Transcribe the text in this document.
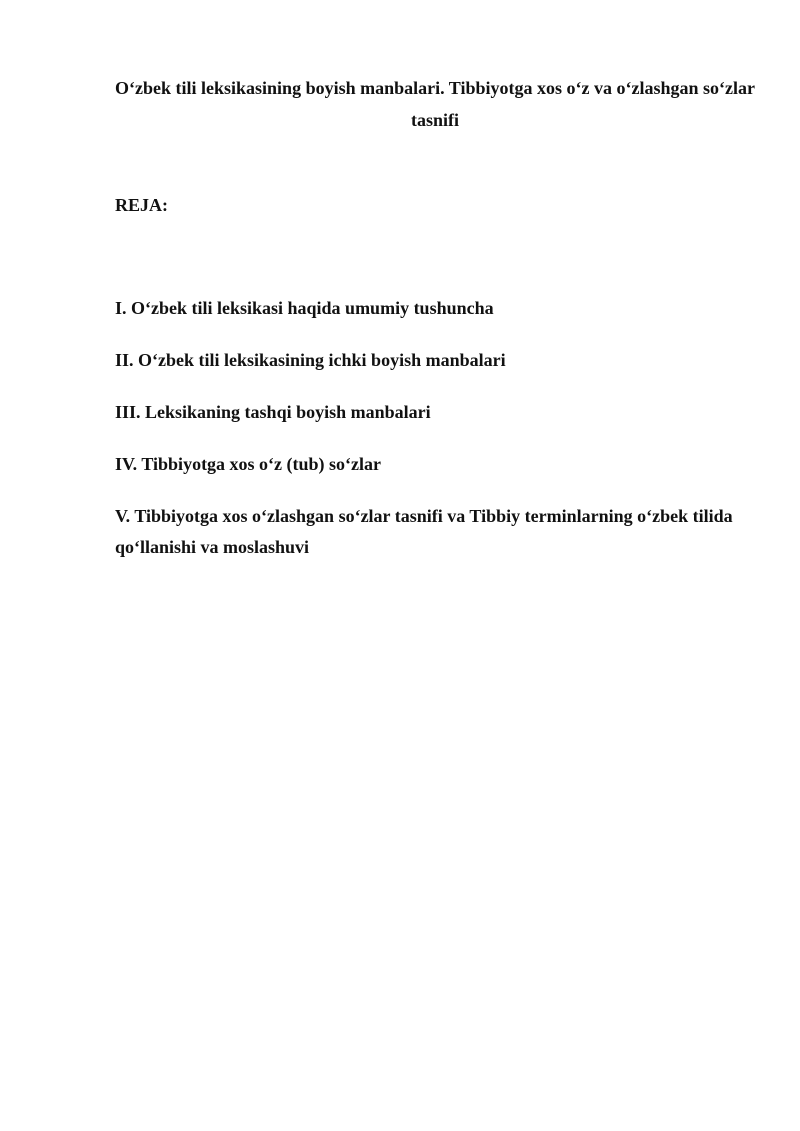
O‘zbek tili leksikasining boyish manbalari. Tibbiyotga xos o‘z va o‘zlashgan so‘zlar tasnifi
REJA:
I. O‘zbek tili leksikasi haqida umumiy tushuncha
II. O‘zbek tili leksikasining ichki boyish manbalari
III. Leksikaning tashqi boyish manbalari
IV. Tibbiyotga xos o‘z (tub) so‘zlar
V. Tibbiyotga xos o‘zlashgan so‘zlar tasnifi va Tibbiy terminlarning o‘zbek tilida qo‘llanishi va moslashuvi
